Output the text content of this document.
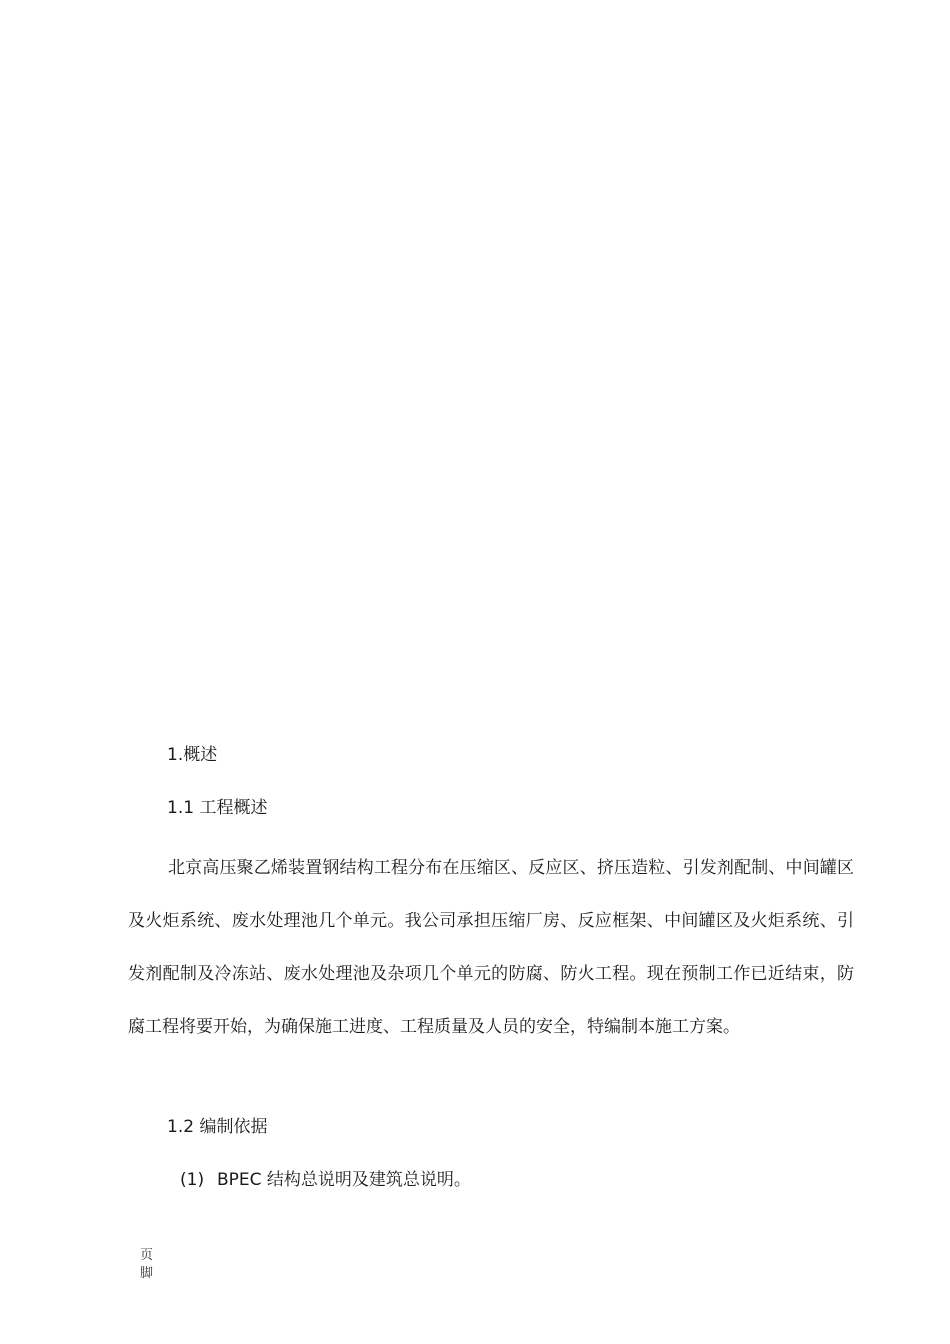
1.概述
1.1 工程概述

北京高压聚乙烯装置钢结构工程分布在压缩区、反应区、挤压造粒、引发剂配制、中间罐区及火炬系统、废水处理池几个单元。我公司承担压缩厂房、反应框架、中间罐区及火炬系统、引发剂配制及冷冻站、废水处理池及杂项几个单元的防腐、防火工程。现在预制工作已近结束，防腐工程将要开始，为确保施工进度、工程质量及人员的安全，特编制本施工方案。

1.2 编制依据
(1) BPEC 结构总说明及建筑总说明。
页脚
